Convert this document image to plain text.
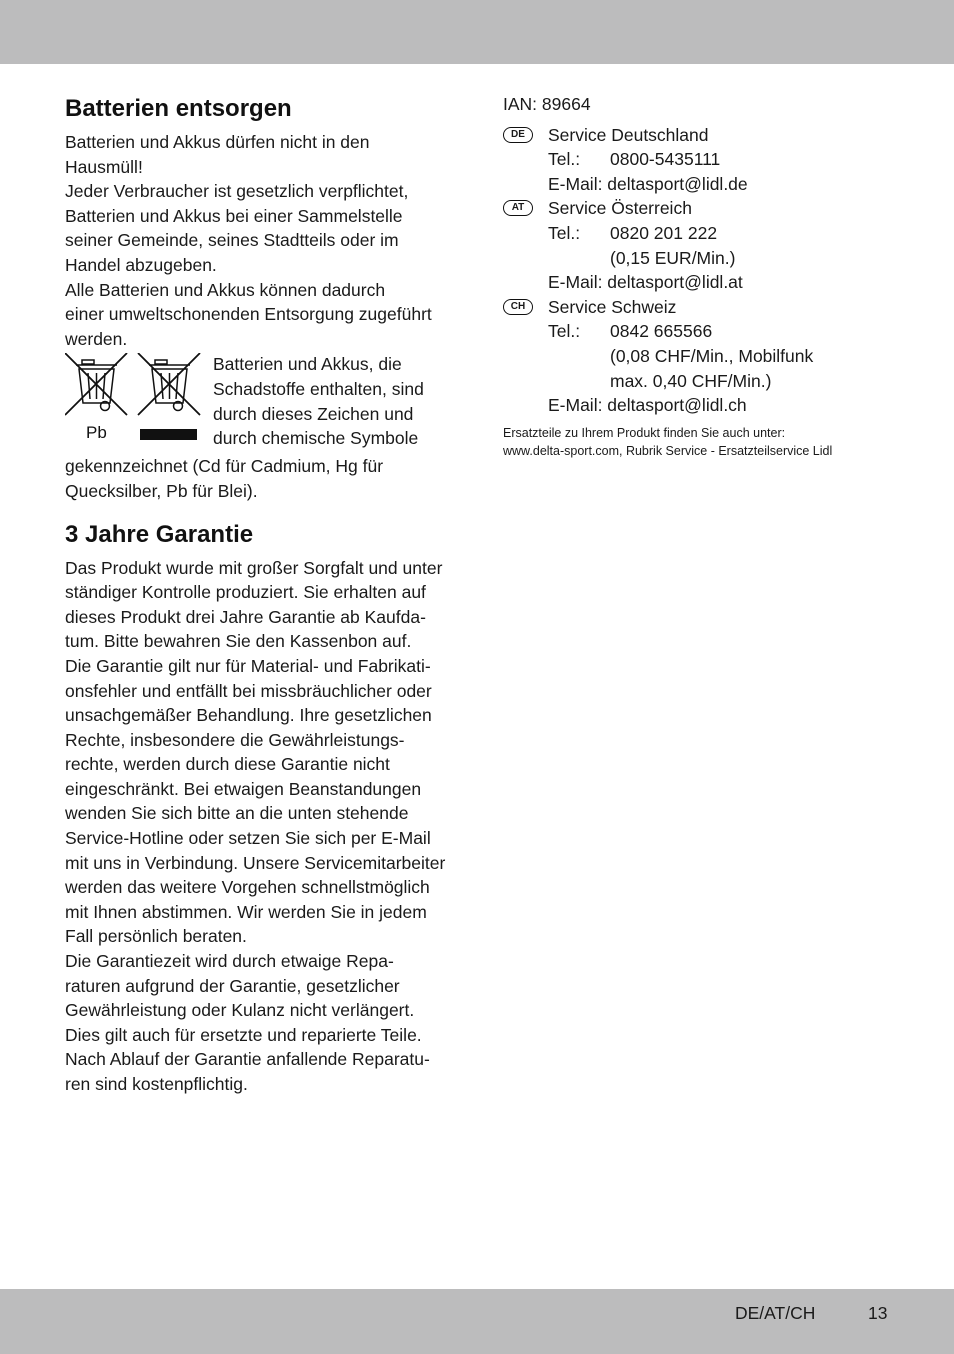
Batterien entsorgen
Batterien und Akkus dürfen nicht in den
Hausmüll!
Jeder Verbraucher ist gesetzlich verpflichtet,
Batterien und Akkus bei einer Sammelstelle
seiner Gemeinde, seines Stadtteils oder im
Handel abzugeben.
Alle Batterien und Akkus können dadurch
einer umweltschonenden Entsorgung zugeführt
werden.
Pb
Batterien und Akkus, die
Schadstoffe enthalten, sind
durch dieses Zeichen und
durch chemische Symbole
gekennzeichnet (Cd für Cadmium, Hg für
Quecksilber, Pb für Blei).
3 Jahre Garantie
Das Produkt wurde mit großer Sorgfalt und unter
ständiger Kontrolle produziert. Sie erhalten auf
dieses Produkt drei Jahre Garantie ab Kaufda-
tum. Bitte bewahren Sie den Kassenbon auf.
Die Garantie gilt nur für Material- und Fabrikati-
onsfehler und entfällt bei missbräuchlicher oder
unsachgemäßer Behandlung. Ihre gesetzlichen
Rechte, insbesondere die Gewährleistungs-
rechte, werden durch diese Garantie nicht
eingeschränkt. Bei etwaigen Beanstandungen
wenden Sie sich bitte an die unten stehende
Service-Hotline oder setzen Sie sich per E-Mail
mit uns in Verbindung. Unsere Servicemitarbeiter
werden das weitere Vorgehen schnellstmöglich
mit Ihnen abstimmen. Wir werden Sie in jedem
Fall persönlich beraten.
Die Garantiezeit wird durch etwaige Repa-
raturen aufgrund der Garantie, gesetzlicher
Gewährleistung oder Kulanz nicht verlängert.
Dies gilt auch für ersetzte und reparierte Teile.
Nach Ablauf der Garantie anfallende Reparatu-
ren sind kostenpflichtig.
IAN: 89664
DE	Service Deutschland
Tel.:	0800-5435111
E-Mail: deltasport@lidl.de
AT	Service Österreich
Tel.:	0820 201 222
(0,15 EUR/Min.)
E-Mail: deltasport@lidl.at
CH	Service Schweiz
Tel.:	0842 665566
(0,08 CHF/Min., Mobilfunk
max. 0,40 CHF/Min.)
E-Mail: deltasport@lidl.ch
Ersatzteile zu Ihrem Produkt finden Sie auch unter:
www.delta-sport.com, Rubrik Service - Ersatzteilservice Lidl
DE/AT/CH	13
